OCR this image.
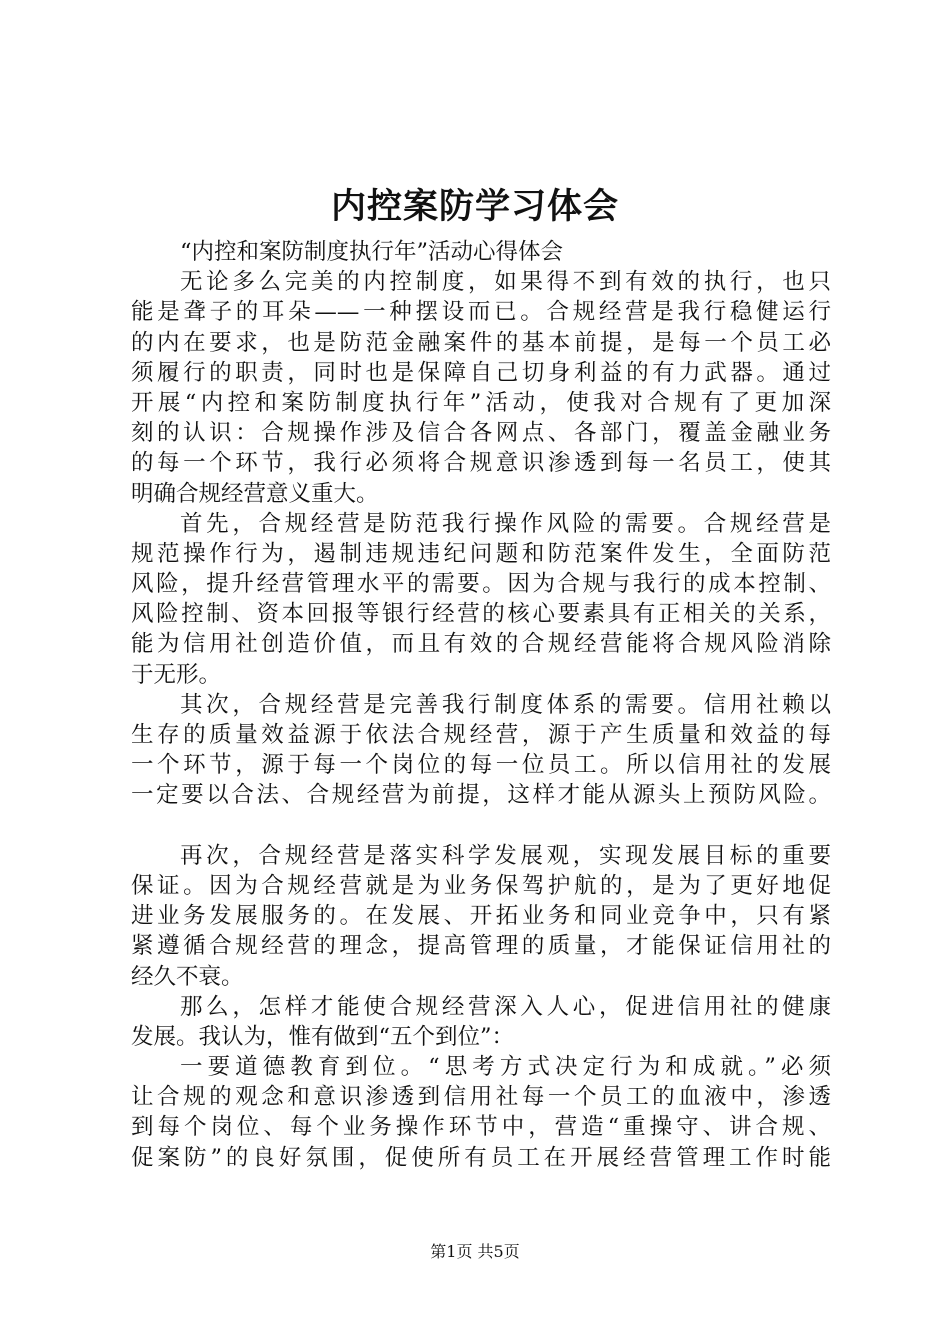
内控案防学习体会
“内控和案防制度执行年”活动心得体会
无论多么完美的内控制度，如果得不到有效的执行，也只
能是聋子的耳朵——一种摆设而已。合规经营是我行稳健运行
的内在要求，也是防范金融案件的基本前提，是每一个员工必
须履行的职责，同时也是保障自己切身利益的有力武器。通过
开展“内控和案防制度执行年”活动，使我对合规有了更加深
刻的认识：合规操作涉及信合各网点、各部门，覆盖金融业务
的每一个环节，我行必须将合规意识渗透到每一名员工，使其
明确合规经营意义重大。
首先，合规经营是防范我行操作风险的需要。合规经营是
规范操作行为，遏制违规违纪问题和防范案件发生，全面防范
风险，提升经营管理水平的需要。因为合规与我行的成本控制、
风险控制、资本回报等银行经营的核心要素具有正相关的关系，
能为信用社创造价值，而且有效的合规经营能将合规风险消除
于无形。
其次，合规经营是完善我行制度体系的需要。信用社赖以
生存的质量效益源于依法合规经营，源于产生质量和效益的每
一个环节，源于每一个岗位的每一位员工。所以信用社的发展
一定要以合法、合规经营为前提，这样才能从源头上预防风险。
再次，合规经营是落实科学发展观，实现发展目标的重要
保证。因为合规经营就是为业务保驾护航的，是为了更好地促
进业务发展服务的。在发展、开拓业务和同业竞争中，只有紧
紧遵循合规经营的理念，提高管理的质量，才能保证信用社的
经久不衰。
那么，怎样才能使合规经营深入人心，促进信用社的健康
发展。我认为，惟有做到“五个到位”：
一要道德教育到位。“思考方式决定行为和成就。”必须
让合规的观念和意识渗透到信用社每一个员工的血液中，渗透
到每个岗位、每个业务操作环节中，营造“重操守、讲合规、
促案防”的良好氛围，促使所有员工在开展经营管理工作时能
第1页 共5页
